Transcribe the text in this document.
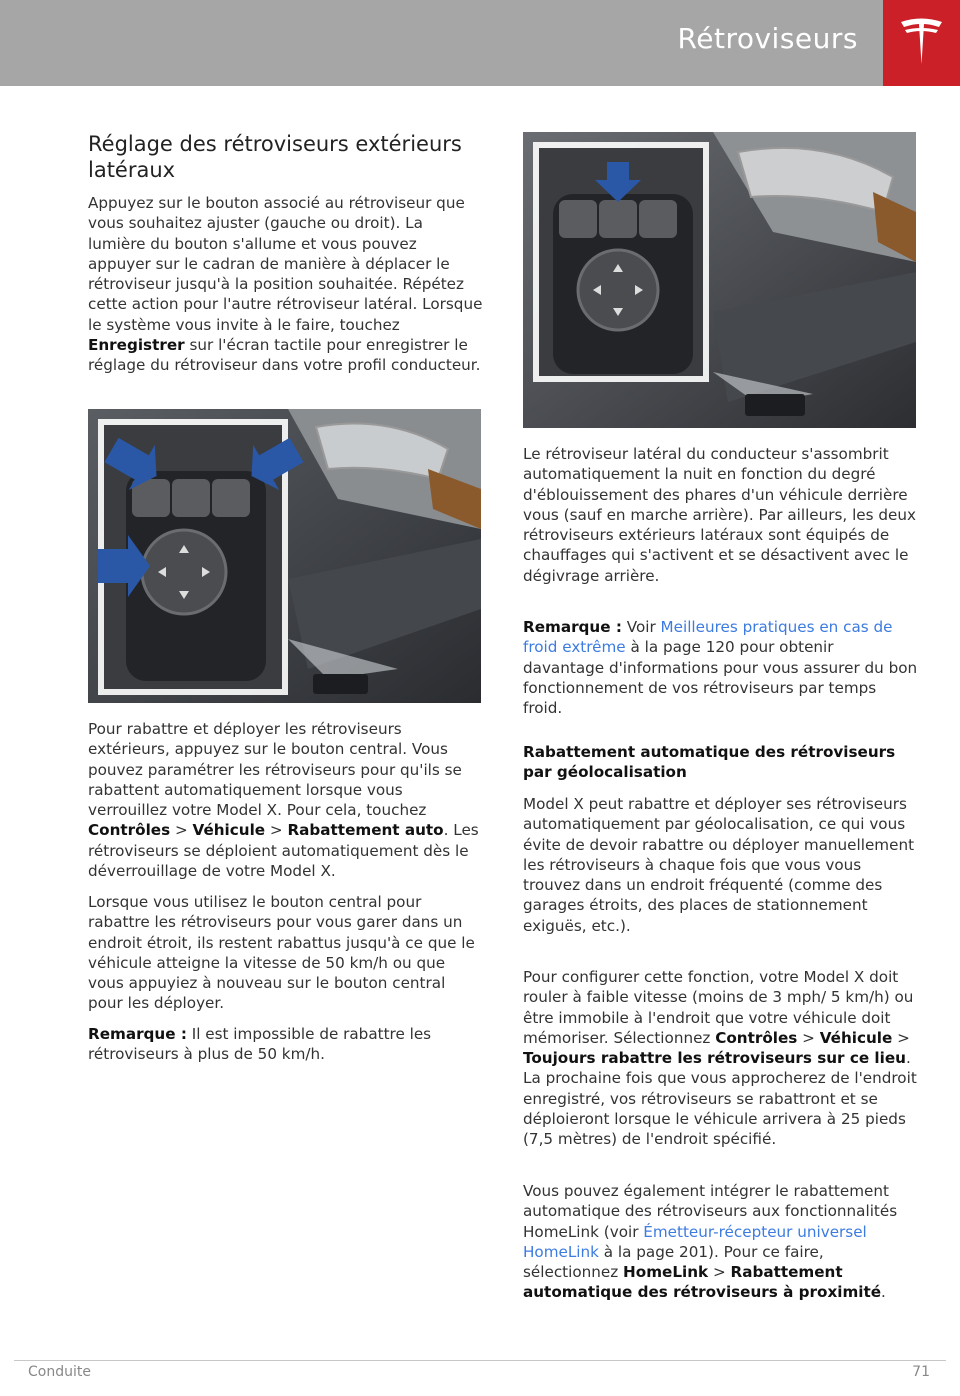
Rétroviseurs
Réglage des rétroviseurs extérieurs latéraux

Appuyez sur le bouton associé au rétroviseur que vous souhaitez ajuster (gauche ou droit). La lumière du bouton s'allume et vous pouvez appuyer sur le cadran de manière à déplacer le rétroviseur jusqu'à la position souhaitée. Répétez cette action pour l'autre rétroviseur latéral. Lorsque le système vous invite à le faire, touchez Enregistrer sur l'écran tactile pour enregistrer le réglage du rétroviseur dans votre profil conducteur.

Pour rabattre et déployer les rétroviseurs extérieurs, appuyez sur le bouton central. Vous pouvez paramétrer les rétroviseurs pour qu'ils se rabattent automatiquement lorsque vous verrouillez votre Model X. Pour cela, touchez Contrôles > Véhicule > Rabattement auto. Les rétroviseurs se déploient automatiquement dès le déverrouillage de votre Model X.

Lorsque vous utilisez le bouton central pour rabattre les rétroviseurs pour vous garer dans un endroit étroit, ils restent rabattus jusqu'à ce que le véhicule atteigne la vitesse de 50 km/h ou que vous appuyiez à nouveau sur le bouton central pour les déployer.

Remarque : Il est impossible de rabattre les rétroviseurs à plus de 50 km/h.

Le rétroviseur latéral du conducteur s'assombrit automatiquement la nuit en fonction du degré d'éblouissement des phares d'un véhicule derrière vous (sauf en marche arrière). Par ailleurs, les deux rétroviseurs extérieurs latéraux sont équipés de chauffages qui s'activent et se désactivent avec le dégivrage arrière.

Remarque : Voir Meilleures pratiques en cas de froid extrême à la page 120 pour obtenir davantage d'informations pour vous assurer du bon fonctionnement de vos rétroviseurs par temps froid.

Rabattement automatique des rétroviseurs par géolocalisation

Model X peut rabattre et déployer ses rétroviseurs automatiquement par géolocalisation, ce qui vous évite de devoir rabattre ou déployer manuellement les rétroviseurs à chaque fois que vous vous trouvez dans un endroit fréquenté (comme des garages étroits, des places de stationnement exiguës, etc.).

Pour configurer cette fonction, votre Model X doit rouler à faible vitesse (moins de 3 mph/ 5 km/h) ou être immobile à l'endroit que votre véhicule doit mémoriser. Sélectionnez Contrôles > Véhicule > Toujours rabattre les rétroviseurs sur ce lieu. La prochaine fois que vous approcherez de l'endroit enregistré, vos rétroviseurs se rabattront et se déploieront lorsque le véhicule arrivera à 25 pieds (7,5 mètres) de l'endroit spécifié.

Vous pouvez également intégrer le rabattement automatique des rétroviseurs aux fonctionnalités HomeLink (voir Émetteur-récepteur universel HomeLink à la page 201). Pour ce faire, sélectionnez HomeLink > Rabattement automatique des rétroviseurs à proximité.

Conduite	71
